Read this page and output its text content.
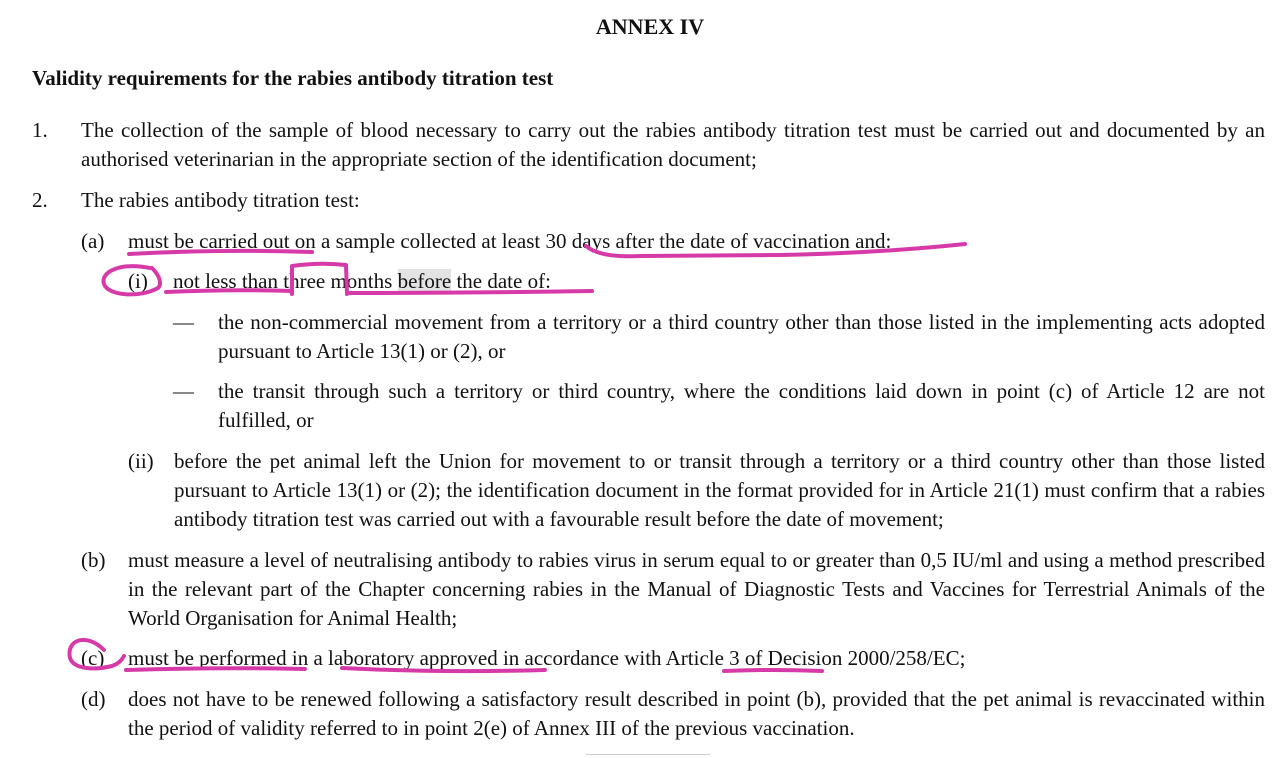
ANNEX IV
Validity requirements for the rabies antibody titration test
1. The collection of the sample of blood necessary to carry out the rabies antibody titration test must be carried out and documented by an authorised veterinarian in the appropriate section of the identification document;
2. The rabies antibody titration test:
(a) must be carried out on a sample collected at least 30 days after the date of vaccination and:
(i) not less than three months before the date of:
— the non-commercial movement from a territory or a third country other than those listed in the implementing acts adopted pursuant to Article 13(1) or (2), or
— the transit through such a territory or third country, where the conditions laid down in point (c) of Article 12 are not fulfilled, or
(ii) before the pet animal left the Union for movement to or transit through a territory or a third country other than those listed pursuant to Article 13(1) or (2); the identification document in the format provided for in Article 21(1) must confirm that a rabies antibody titration test was carried out with a favourable result before the date of movement;
(b) must measure a level of neutralising antibody to rabies virus in serum equal to or greater than 0,5 IU/ml and using a method prescribed in the relevant part of the Chapter concerning rabies in the Manual of Diagnostic Tests and Vaccines for Terrestrial Animals of the World Organisation for Animal Health;
(c) must be performed in a laboratory approved in accordance with Article 3 of Decision 2000/258/EC;
(d) does not have to be renewed following a satisfactory result described in point (b), provided that the pet animal is revaccinated within the period of validity referred to in point 2(e) of Annex III of the previous vaccination.
